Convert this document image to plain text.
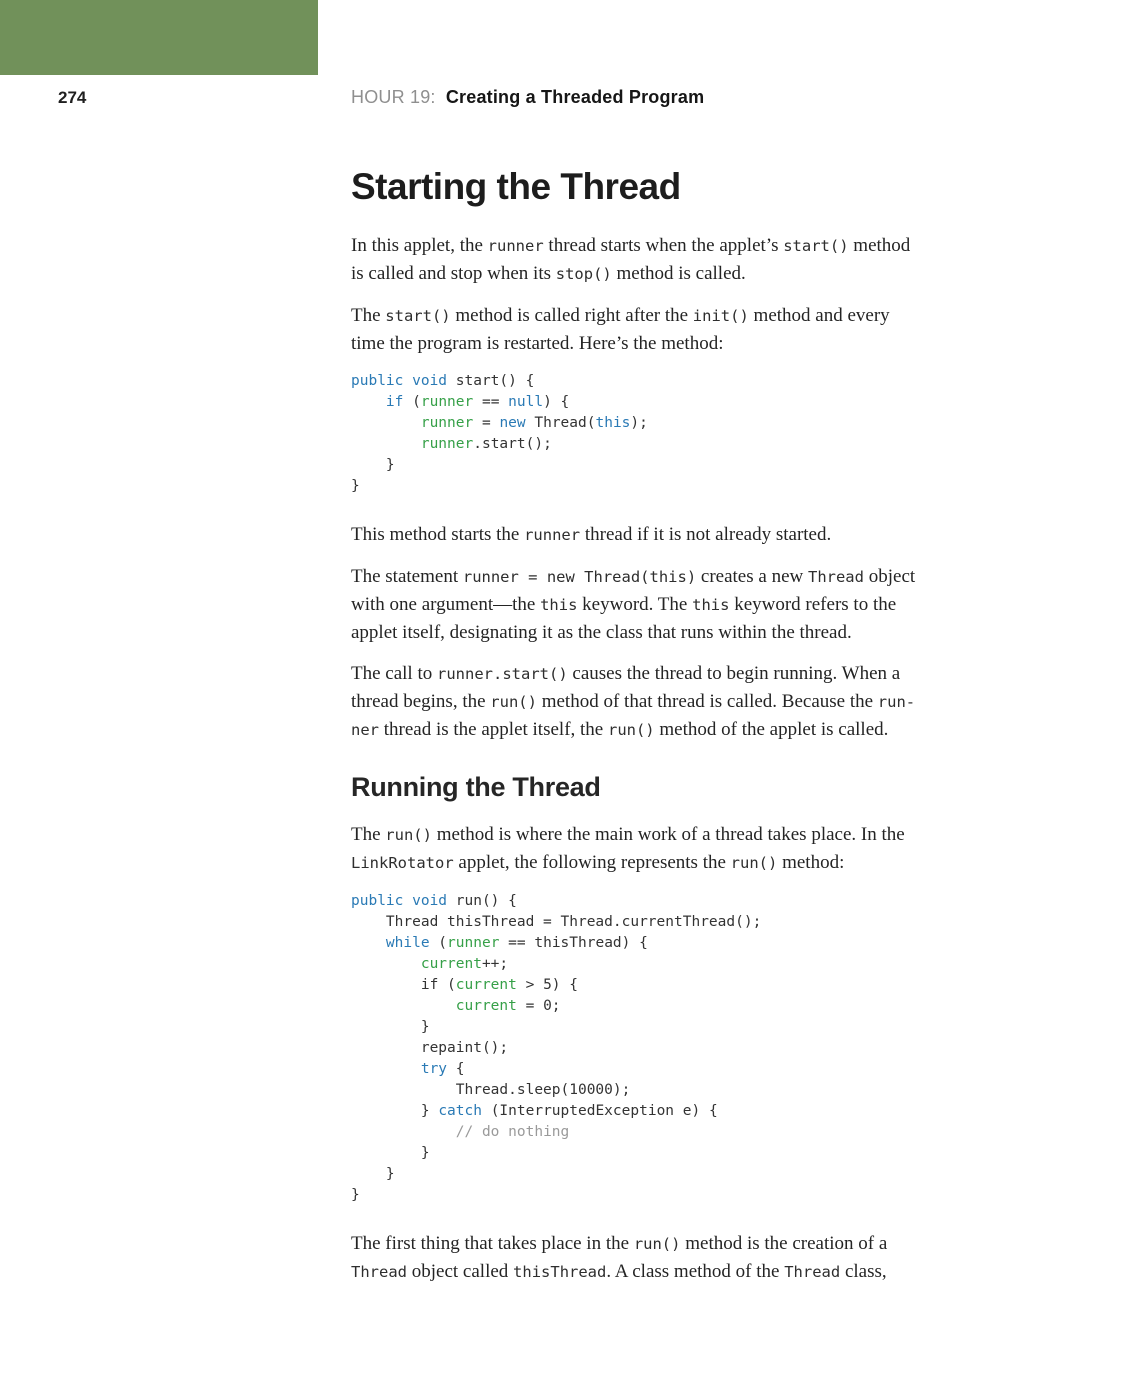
274	HOUR 19: Creating a Threaded Program
Starting the Thread

In this applet, the runner thread starts when the applet’s start() method
is called and stop when its stop() method is called.

The start() method is called right after the init() method and every
time the program is restarted. Here’s the method:

public void start() {
if (runner == null) {
runner = new Thread(this);
runner.start();
}
}

This method starts the runner thread if it is not already started.

The statement runner = new Thread(this) creates a new Thread object
with one argument—the this keyword. The this keyword refers to the
applet itself, designating it as the class that runs within the thread.

The call to runner.start() causes the thread to begin running. When a
thread begins, the run() method of that thread is called. Because the run-
ner thread is the applet itself, the run() method of the applet is called.

Running the Thread

The run() method is where the main work of a thread takes place. In the
LinkRotator applet, the following represents the run() method:

public void run() {
Thread thisThread = Thread.currentThread();
while (runner == thisThread) {
current++;
if (current > 5) {
current = 0;
}
repaint();
try {
Thread.sleep(10000);
} catch (InterruptedException e) {
// do nothing
}
}
}

The first thing that takes place in the run() method is the creation of a
Thread object called thisThread. A class method of the Thread class,
